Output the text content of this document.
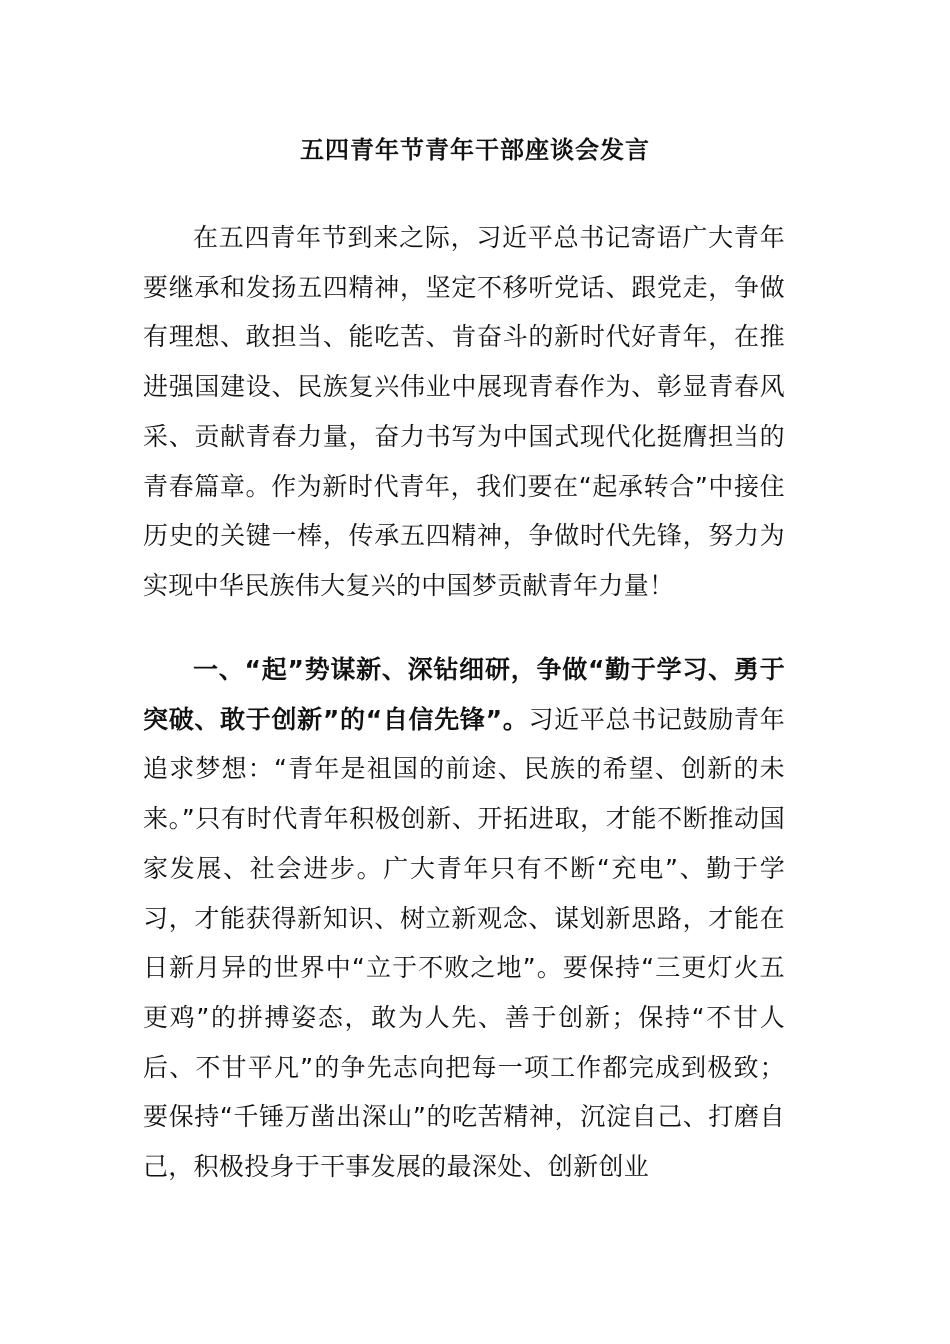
五四青年节青年干部座谈会发言

在五四青年节到来之际，习近平总书记寄语广大青年要继承和发扬五四精神，坚定不移听党话、跟党走，争做有理想、敢担当、能吃苦、肯奋斗的新时代好青年，在推进强国建设、民族复兴伟业中展现青春作为、彰显青春风采、贡献青春力量，奋力书写为中国式现代化挺膺担当的青春篇章。作为新时代青年，我们要在“起承转合”中接住历史的关键一棒，传承五四精神，争做时代先锋，努力为实现中华民族伟大复兴的中国梦贡献青年力量！

一、“起”势谋新、深钻细研，争做“勤于学习、勇于突破、敢于创新”的“自信先锋”。习近平总书记鼓励青年追求梦想：“青年是祖国的前途、民族的希望、创新的未来。”只有时代青年积极创新、开拓进取，才能不断推动国家发展、社会进步。广大青年只有不断“充电”、勤于学习，才能获得新知识、树立新观念、谋划新思路，才能在日新月异的世界中“立于不败之地”。要保持“三更灯火五更鸡”的拼搏姿态，敢为人先、善于创新；保持“不甘人后、不甘平凡”的争先志向把每一项工作都完成到极致；要保持“千锤万凿出深山”的吃苦精神，沉淀自己、打磨自己，积极投身于干事发展的最深处、创新创业
